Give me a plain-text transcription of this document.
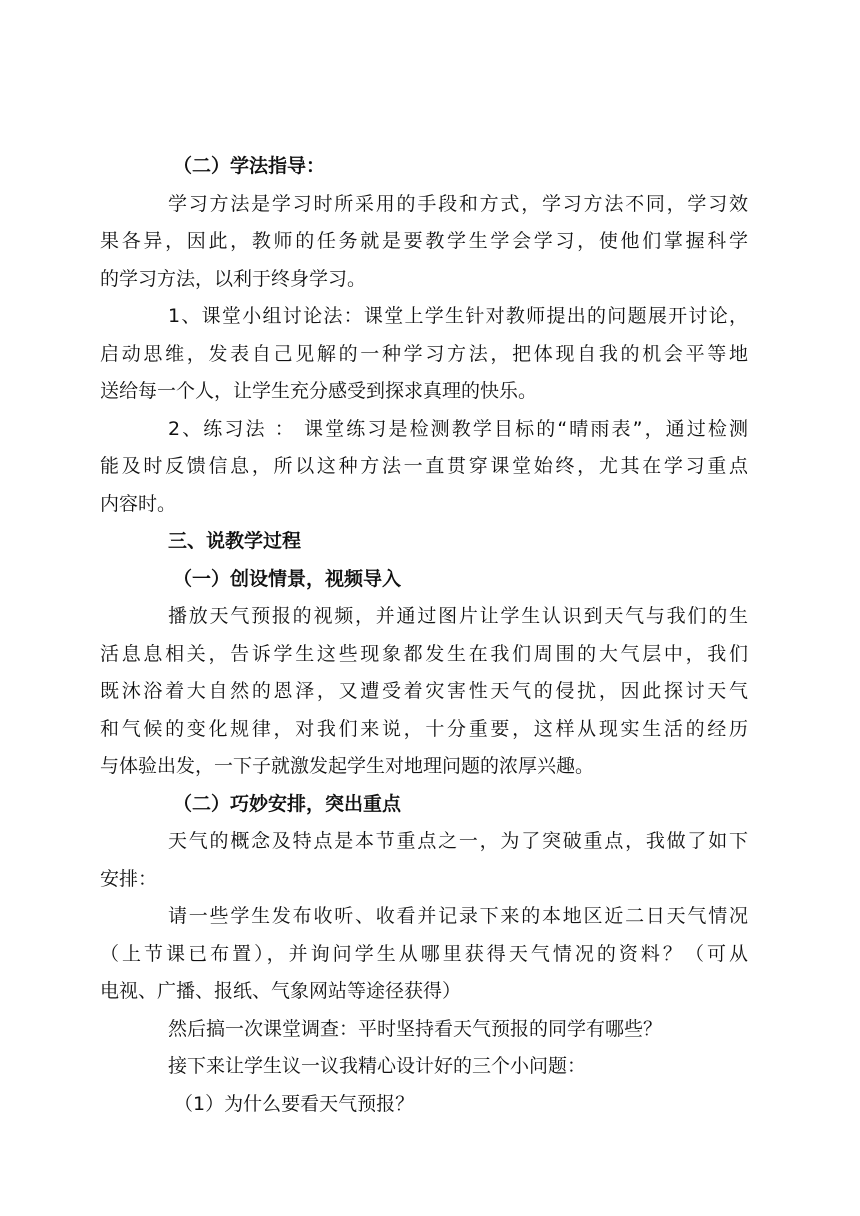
（二）学法指导：
学习方法是学习时所采用的手段和方式，学习方法不同，学习效
果各异，因此，教师的任务就是要教学生学会学习，使他们掌握科学
的学习方法，以利于终身学习。
1、课堂小组讨论法：课堂上学生针对教师提出的问题展开讨论，
启动思维，发表自己见解的一种学习方法，把体现自我的机会平等地
送给每一个人，让学生充分感受到探求真理的快乐。
2、练习法 ： 课堂练习是检测教学目标的“晴雨表”，通过检测
能及时反馈信息，所以这种方法一直贯穿课堂始终，尤其在学习重点
内容时。
三、说教学过程
（一）创设情景，视频导入
播放天气预报的视频，并通过图片让学生认识到天气与我们的生
活息息相关，告诉学生这些现象都发生在我们周围的大气层中，我们
既沐浴着大自然的恩泽，又遭受着灾害性天气的侵扰，因此探讨天气
和气候的变化规律，对我们来说，十分重要，这样从现实生活的经历
与体验出发，一下子就激发起学生对地理问题的浓厚兴趣。
（二）巧妙安排，突出重点
天气的概念及特点是本节重点之一，为了突破重点，我做了如下
安排：
请一些学生发布收听、收看并记录下来的本地区近二日天气情况
（上节课已布置），并询问学生从哪里获得天气情况的资料？（可从
电视、广播、报纸、气象网站等途径获得）
然后搞一次课堂调查：平时坚持看天气预报的同学有哪些？
接下来让学生议一议我精心设计好的三个小问题：
（1）为什么要看天气预报？
